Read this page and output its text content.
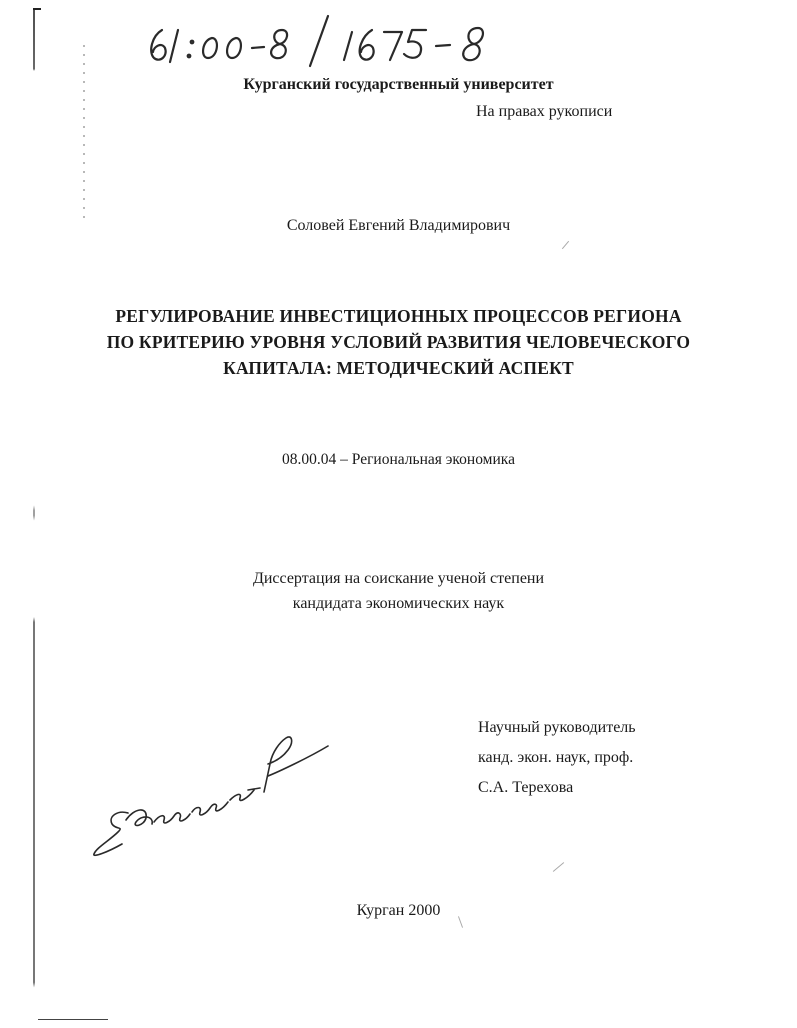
Курганский государственный университет

На правах рукописи

Соловей Евгений Владимирович

РЕГУЛИРОВАНИЕ ИНВЕСТИЦИОННЫХ ПРОЦЕССОВ РЕГИОНА
ПО КРИТЕРИЮ УРОВНЯ УСЛОВИЙ РАЗВИТИЯ ЧЕЛОВЕЧЕСКОГО
КАПИТАЛА: МЕТОДИЧЕСКИЙ АСПЕКТ

08.00.04 – Региональная экономика

Диссертация на соискание ученой степени
кандидата экономических наук

Научный руководитель
канд. экон. наук, проф.
С.А. Терехова

Курган 2000
